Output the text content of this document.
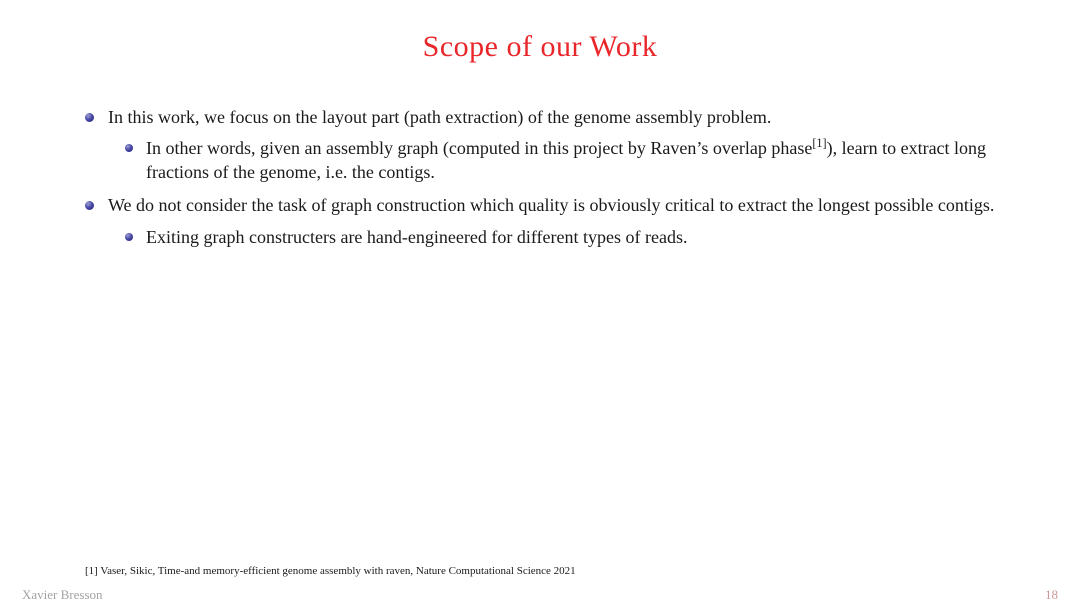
Scope of our Work
In this work, we focus on the layout part (path extraction) of the genome assembly problem.
In other words, given an assembly graph (computed in this project by Raven’s overlap phase[1]), learn to extract long fractions of the genome, i.e. the contigs.
We do not consider the task of graph construction which quality is obviously critical to extract the longest possible contigs.
Exiting graph constructers are hand-engineered for different types of reads.
[1] Vaser, Sikic, Time-and memory-efficient genome assembly with raven, Nature Computational Science 2021
Xavier Bresson	18
